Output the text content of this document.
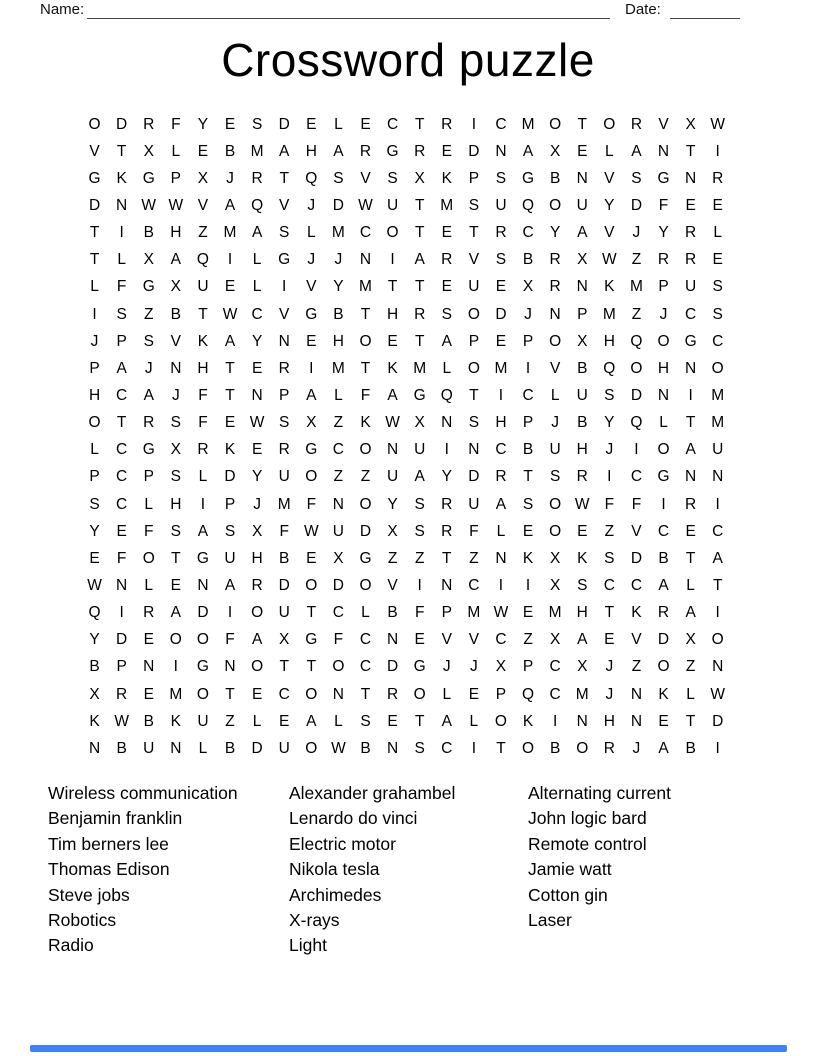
Name:	Date:
Crossword puzzle
O D	R	F	Y	E	S	D	E	L	E	C	T	R	I	C M O	T	O R	V	X W
V	T	X	L	E	B M A	H	A	R G R	E	D	N	A	X	E	L	A	N	T	I
G	K	G	P	X	J	R	T	Q	S	V	S	X	K	P	S	G	B	N	V	S	G N	R
D	N W W V	A	Q	V	J	D W U	T	M S	U Q O U	Y	D	F	E	E
T	I	B	H	Z	M A	S	L	M C O	T	E	T	R	C	Y	A	V	J	Y	R	L
T	L	X	A	Q	I	L	G	J	J	N	I	A	R	V	S	B	R	X W Z	R	R	E
L	F	G	X	U	E	L	I	V	Y M	T	T	E	U	E	X	R	N	K M P	U	S
I	S	Z	B	T W C	V	G	B	T	H	R	S	O D	J	N	P M	Z	J	C	S
J	P	S	V	K	A	Y	N	E	H O	E	T	A	P	E	P	O	X	H Q O G C
P	A	J	N	H	T	E	R	I	M	T	K M	L	O M	I	V	B	Q O H	N O
H	C	A	J	F	T	N	P	A	L	F	A	G Q	T	I	C	L	U	S	D	N	I	M
O	T	R	S	F	E W S	X	Z	K W X	N	S	H	P	J	B	Y	Q	L	T	M
L	C G	X	R	K	E	R G C O N	U	I	N	C	B	U	H	J	I	O	A	U
P	C	P	S	L	D	Y	U O	Z	Z	U	A	Y	D	R	T	S	R	I	C G N	N
S	C	L	H	I	P	J	M	F	N O	Y	S	R	U	A	S	O W F	F	I	R	I
Y	E	F	S	A	S	X	F W U	D	X	S	R	F	L	E	O	E	Z	V	C	E	C
E	F	O	T	G U	H	B	E	X	G	Z	Z	T	Z	N	K	X	K	S	D	B	T	A
W N	L	E	N	A	R	D O D O	V	I	N	C	I	I	X	S	C	C	A	L	T
Q	I	R	A	D	I	O U	T	C	L	B	F	P M W E M H	T	K	R	A	I
Y	D	E	O O	F	A	X	G	F	C	N	E	V	V	C	Z	X	A	E	V	D	X	O
B	P	N	I	G N O	T	T	O C	D G	J	J	X	P	C	X	J	Z	O	Z	N
X	R	E M O	T	E	C O N	T	R O	L	E	P	Q C M	J	N	K	L W
K W B	K	U	Z	L	E	A	L	S	E	T	A	L	O	K	I	N	H	N	E	T	D
N	B	U	N	L	B	D	U O W B	N	S	C	I	T	O	B	O R	J	A	B	I
Wireless communication
Benjamin franklin
Tim berners lee
Thomas Edison
Steve jobs
Robotics
Radio
Alexander grahambel
Lenardo do vinci
Electric motor
Nikola tesla
Archimedes
X-rays
Light
Alternating current
John logic bard
Remote control
Jamie watt
Cotton gin
Laser
